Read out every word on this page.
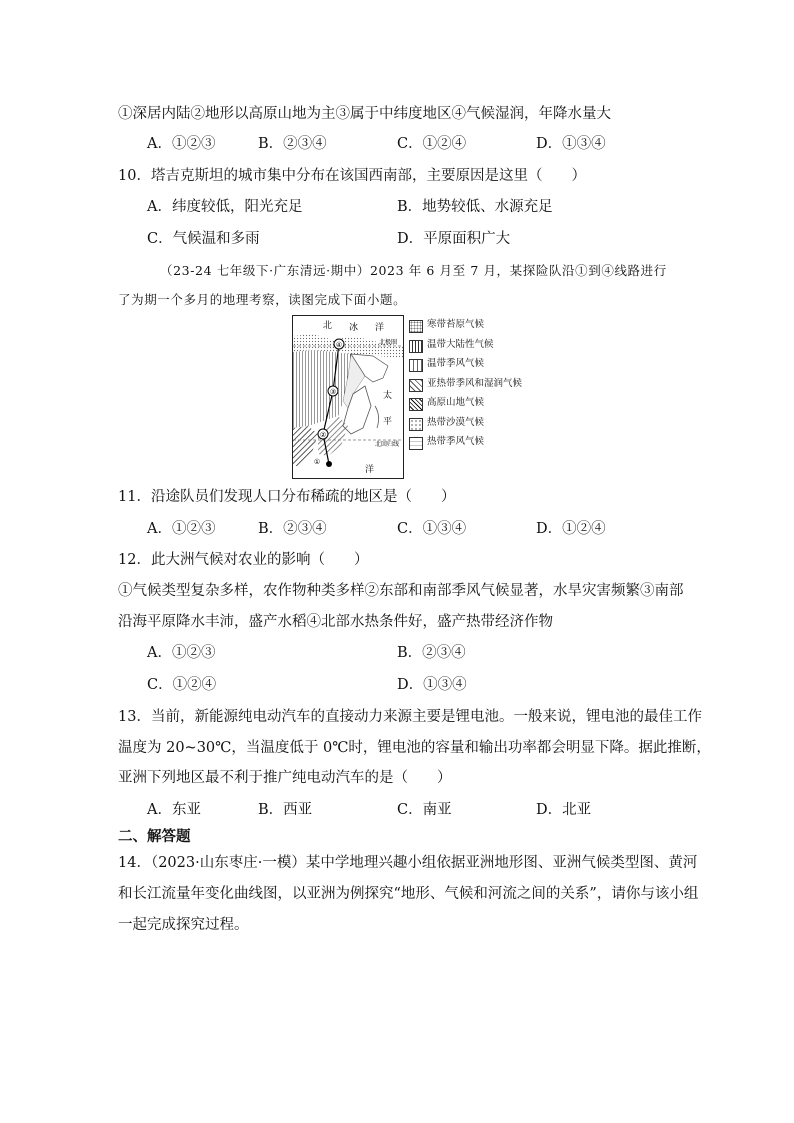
①深居内陆②地形以高原山地为主③属于中纬度地区④气候湿润，年降水量大
A．①②③	B．②③④	C．①②④	D．①③④
10．塔吉克斯坦的城市集中分布在该国西南部，主要原因是这里（　　）
A．纬度较低，阳光充足	B．地势较低、水源充足
C．气候温和多雨	D．平原面积广大
（23-24 七年级下·广东清远·期中）2023 年 6 月至 7 月，某探险队沿①到④线路进行
了为期一个多月的地理考察，读图完成下面小题。
④
③
②
①
北 冰 洋
北极圈
太
平
北回归线
洋
寒带苔原气候
温带大陆性气候
温带季风气候
亚热带季风和湿润气候
高原山地气候
热带沙漠气候
热带季风气候
11．沿途队员们发现人口分布稀疏的地区是（　　）
A．①②③	B．②③④	C．①③④	D．①②④
12．此大洲气候对农业的影响（　　）
①气候类型复杂多样，农作物种类多样②东部和南部季风气候显著，水旱灾害频繁③南部
沿海平原降水丰沛，盛产水稻④北部水热条件好，盛产热带经济作物
A．①②③	B．②③④
C．①②④	D．①③④
13．当前，新能源纯电动汽车的直接动力来源主要是锂电池。一般来说，锂电池的最佳工作
温度为 20~30℃，当温度低于 0℃时，锂电池的容量和输出功率都会明显下降。据此推断，
亚洲下列地区最不利于推广纯电动汽车的是（　　）
A．东亚	B．西亚	C．南亚	D．北亚
二、解答题
14．（2023·山东枣庄·一模）某中学地理兴趣小组依据亚洲地形图、亚洲气候类型图、黄河
和长江流量年变化曲线图，以亚洲为例探究“地形、气候和河流之间的关系”，请你与该小组
一起完成探究过程。
